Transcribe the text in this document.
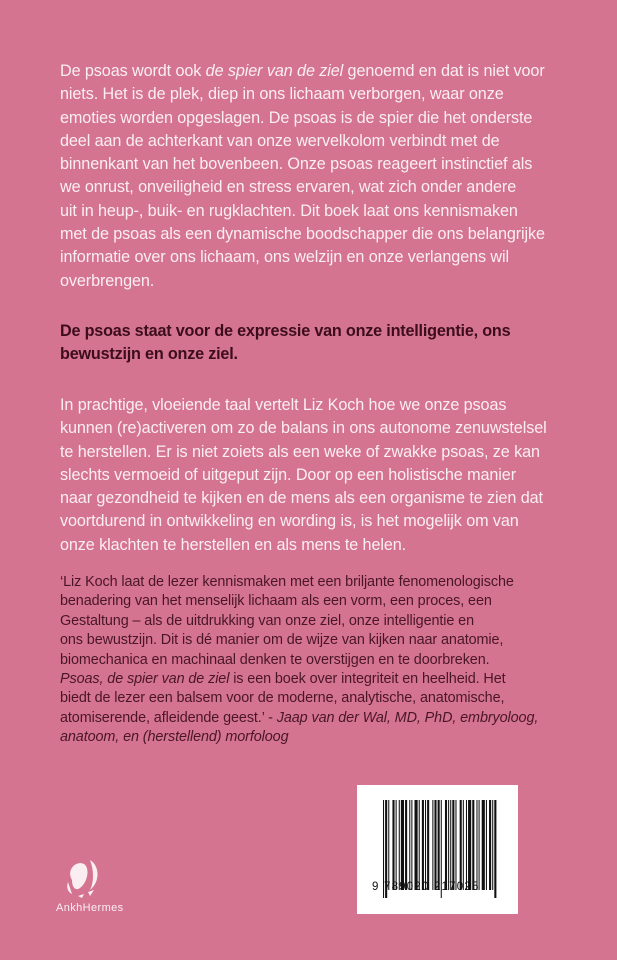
De psoas wordt ook de spier van de ziel genoemd en dat is niet voor
niets. Het is de plek, diep in ons lichaam verborgen, waar onze
emoties worden opgeslagen. De psoas is de spier die het onderste
deel aan de achterkant van onze wervelkolom verbindt met de
binnenkant van het bovenbeen. Onze psoas reageert instinctief als
we onrust, onveiligheid en stress ervaren, wat zich onder andere
uit in heup-, buik- en rugklachten. Dit boek laat ons kennismaken
met de psoas als een dynamische boodschapper die ons belangrijke
informatie over ons lichaam, ons welzijn en onze verlangens wil
overbrengen.
De psoas staat voor de expressie van onze intelligentie, ons
bewustzijn en onze ziel.
In prachtige, vloeiende taal vertelt Liz Koch hoe we onze psoas
kunnen (re)activeren om zo de balans in ons autonome zenuwstelsel
te herstellen. Er is niet zoiets als een weke of zwakke psoas, ze kan
slechts vermoeid of uitgeput zijn. Door op een holistische manier
naar gezondheid te kijken en de mens als een organisme te zien dat
voortdurend in ontwikkeling en wording is, is het mogelijk om van
onze klachten te herstellen en als mens te helen.
‘Liz Koch laat de lezer kennismaken met een briljante fenomenologische
benadering van het menselijk lichaam als een vorm, een proces, een
Gestaltung – als de uitdrukking van onze ziel, onze intelligentie en
ons bewustzijn. Dit is dé manier om de wijze van kijken naar anatomie,
biomechanica en machinaal denken te overstijgen en te doorbreken.
Psoas, de spier van de ziel is een boek over integriteit en heelheid. Het
biedt de lezer een balsem voor de moderne, analytische, anatomische,
atomiserende, afleidende geest.’ - Jaap van der Wal, MD, PhD, embryoloog,
anatoom, en (herstellend) morfoloog
AnkhHermes
9 789020 217025
